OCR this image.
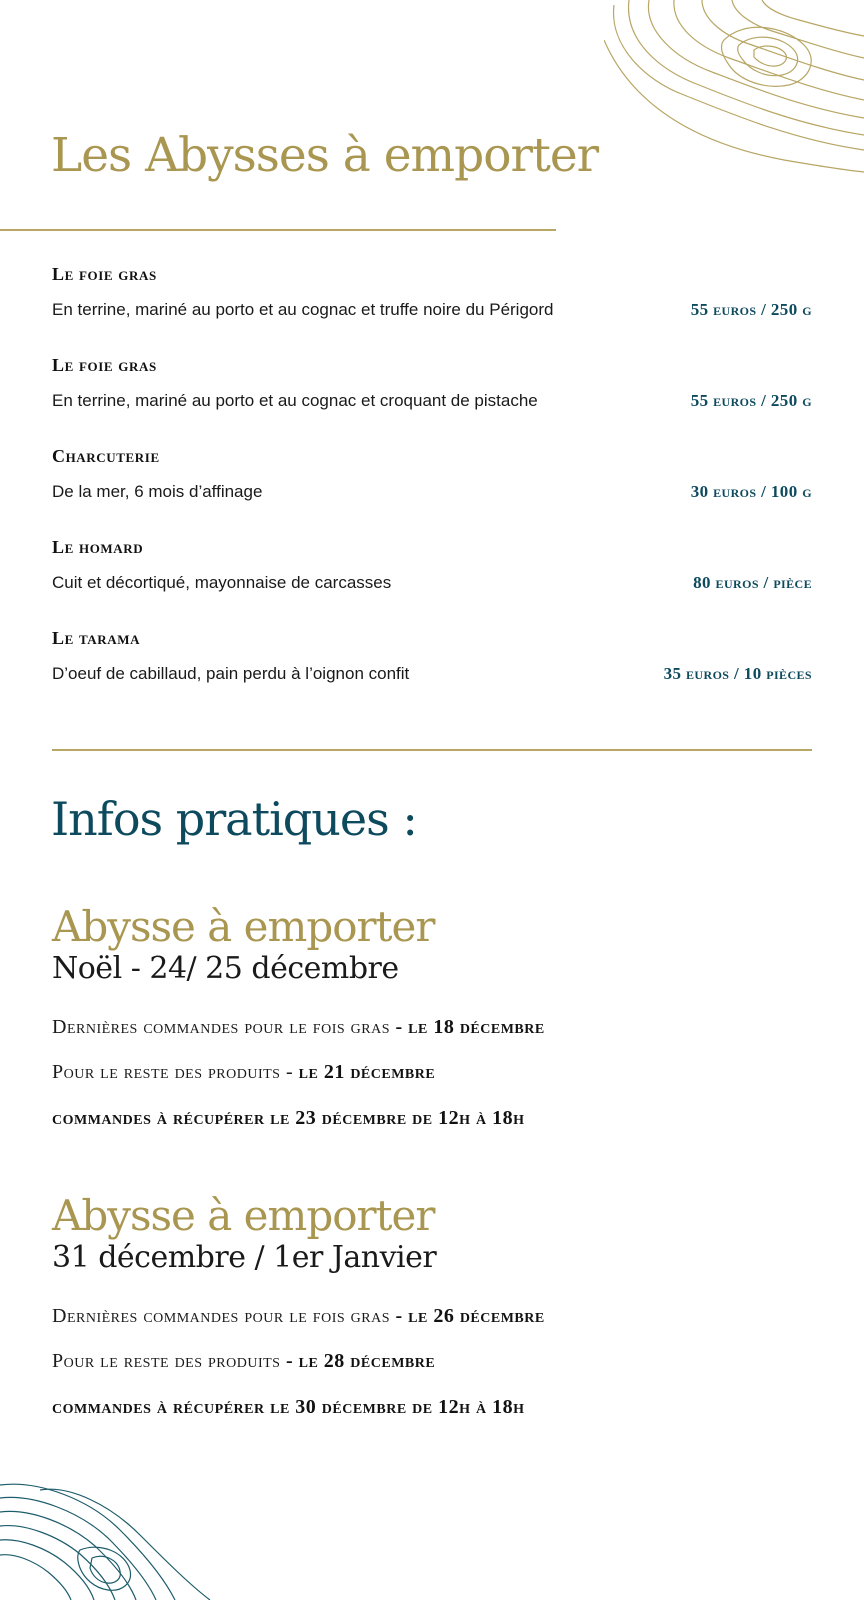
Les Abysses à emporter
Le foie gras
En terrine, mariné au porto et au cognac et truffe noire du Périgord	55 euros / 250 g
Le foie gras
En terrine, mariné au porto et au cognac et croquant de pistache	55 euros / 250 g
Charcuterie
De la mer, 6 mois d’affinage	30 euros / 100 g
Le homard
Cuit et décortiqué, mayonnaise de carcasses	80 euros / pièce
Le tarama
D’oeuf de cabillaud, pain perdu à l’oignon confit	35 euros / 10 pièces
Infos pratiques :
Abysse à emporter
Noël - 24/ 25 décembre
Dernières commandes pour le fois gras - le 18 décembre
Pour le reste des produits - le 21 décembre
commandes à récupérer le 23 décembre de 12h à 18h
Abysse à emporter
31 décembre / 1er Janvier
Dernières commandes pour le fois gras - le 26 décembre
Pour le reste des produits - le 28 décembre
commandes à récupérer le 30 décembre de 12h à 18h
